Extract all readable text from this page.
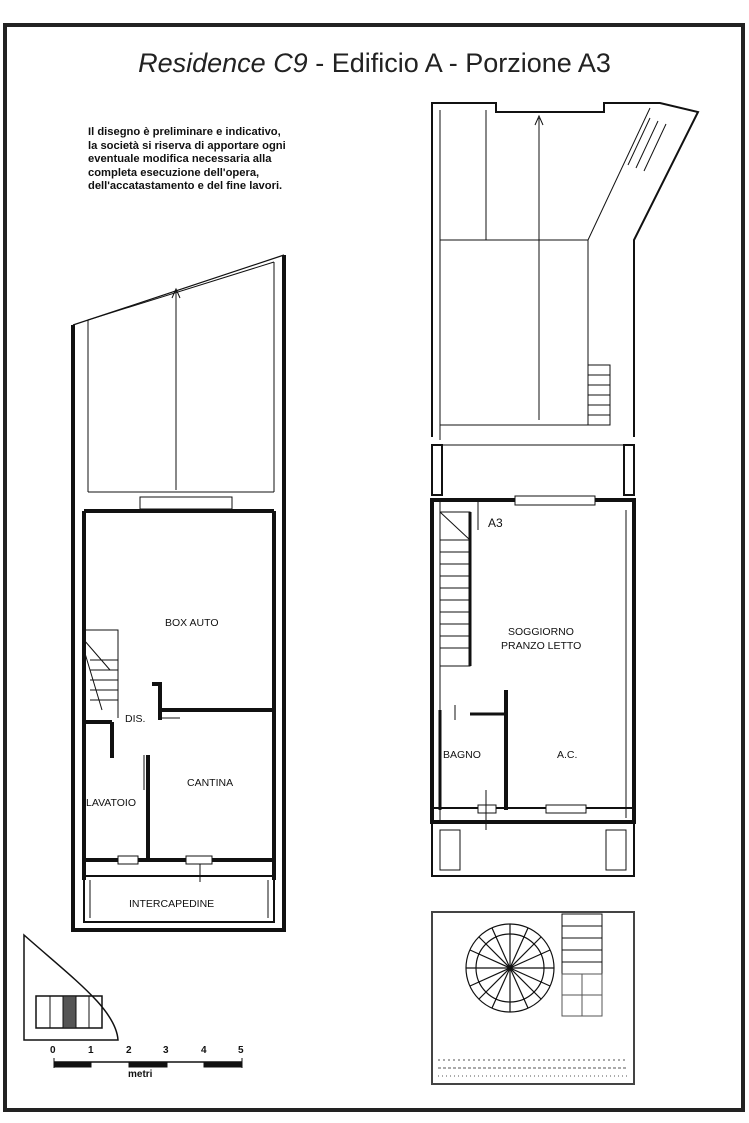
Residence C9 - Edificio A - Porzione A3
Il disegno è preliminare e indicativo,
la società si riserva di apportare ogni
eventuale modifica necessaria alla
completa esecuzione dell'opera,
dell'accatastamento e del fine lavori.
BOX AUTO
DIS.
CANTINA
LAVATOIO
INTERCAPEDINE
A3
SOGGIORNO
PRANZO LETTO
BAGNO	A.C.
0	1	2	3	4	5
metri
